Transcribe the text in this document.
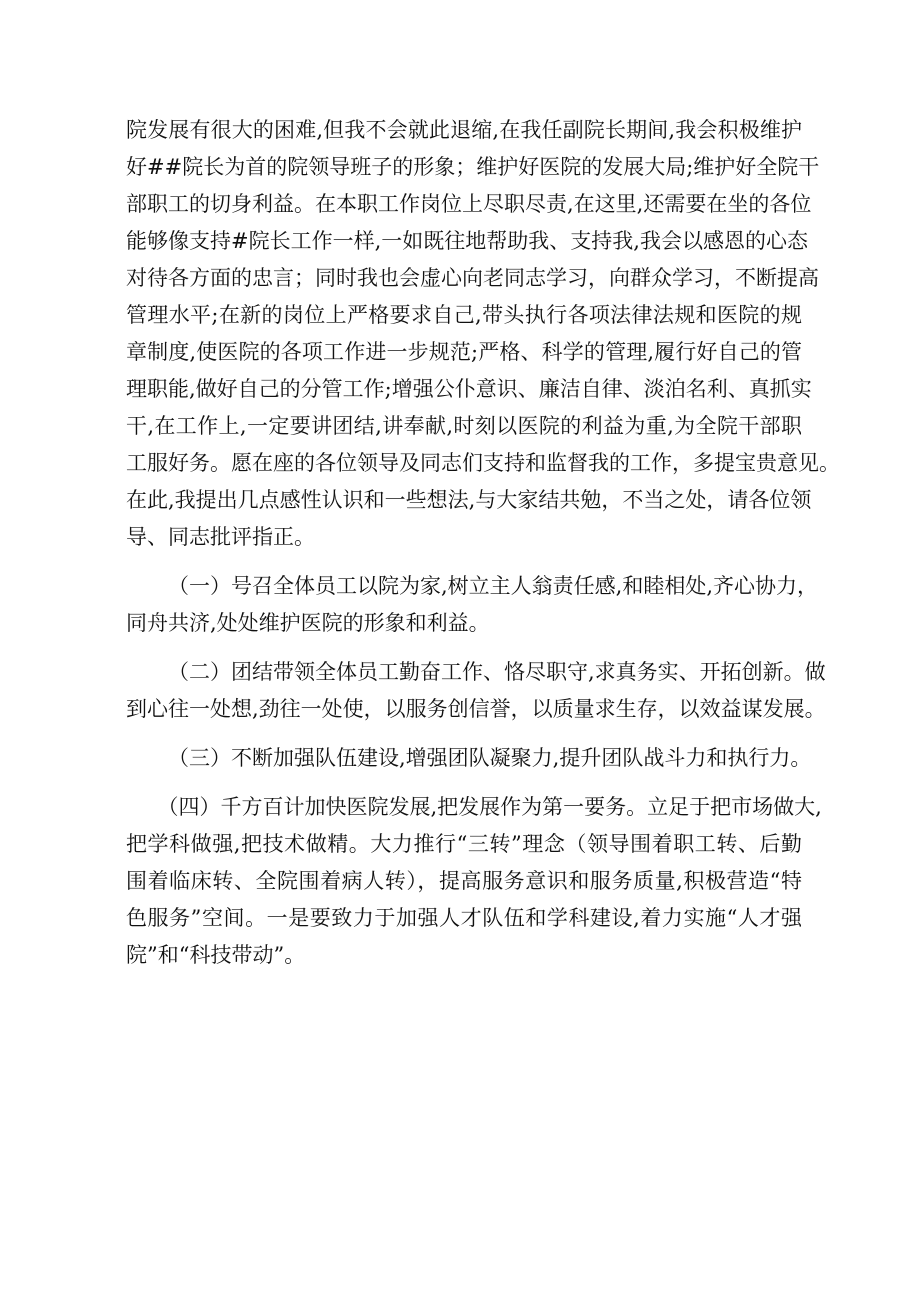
院发展有很大的困难,但我不会就此退缩,在我任副院长期间,我会积极维护
好##院长为首的院领导班子的形象；维护好医院的发展大局;维护好全院干
部职工的切身利益。在本职工作岗位上尽职尽责,在这里,还需要在坐的各位
能够像支持#院长工作一样,一如既往地帮助我、支持我,我会以感恩的心态
对待各方面的忠言；同时我也会虚心向老同志学习，向群众学习，不断提高
管理水平;在新的岗位上严格要求自己,带头执行各项法律法规和医院的规
章制度,使医院的各项工作进一步规范;严格、科学的管理,履行好自己的管
理职能,做好自己的分管工作;增强公仆意识、廉洁自律、淡泊名利、真抓实
干,在工作上,一定要讲团结,讲奉献,时刻以医院的利益为重,为全院干部职
工服好务。愿在座的各位领导及同志们支持和监督我的工作，多提宝贵意见。
在此,我提出几点感性认识和一些想法,与大家结共勉，不当之处，请各位领
导、同志批评指正。
（一）号召全体员工以院为家,树立主人翁责任感,和睦相处,齐心协力，
同舟共济,处处维护医院的形象和利益。
（二）团结带领全体员工勤奋工作、恪尽职守,求真务实、开拓创新。做
到心往一处想,劲往一处使，以服务创信誉，以质量求生存，以效益谋发展。
（三）不断加强队伍建设,增强团队凝聚力,提升团队战斗力和执行力。
（四）千方百计加快医院发展,把发展作为第一要务。立足于把市场做大,
把学科做强,把技术做精。大力推行“三转”理念（领导围着职工转、后勤
围着临床转、全院围着病人转），提高服务意识和服务质量,积极营造“特
色服务”空间。一是要致力于加强人才队伍和学科建设,着力实施“人才强
院”和“科技带动”。
